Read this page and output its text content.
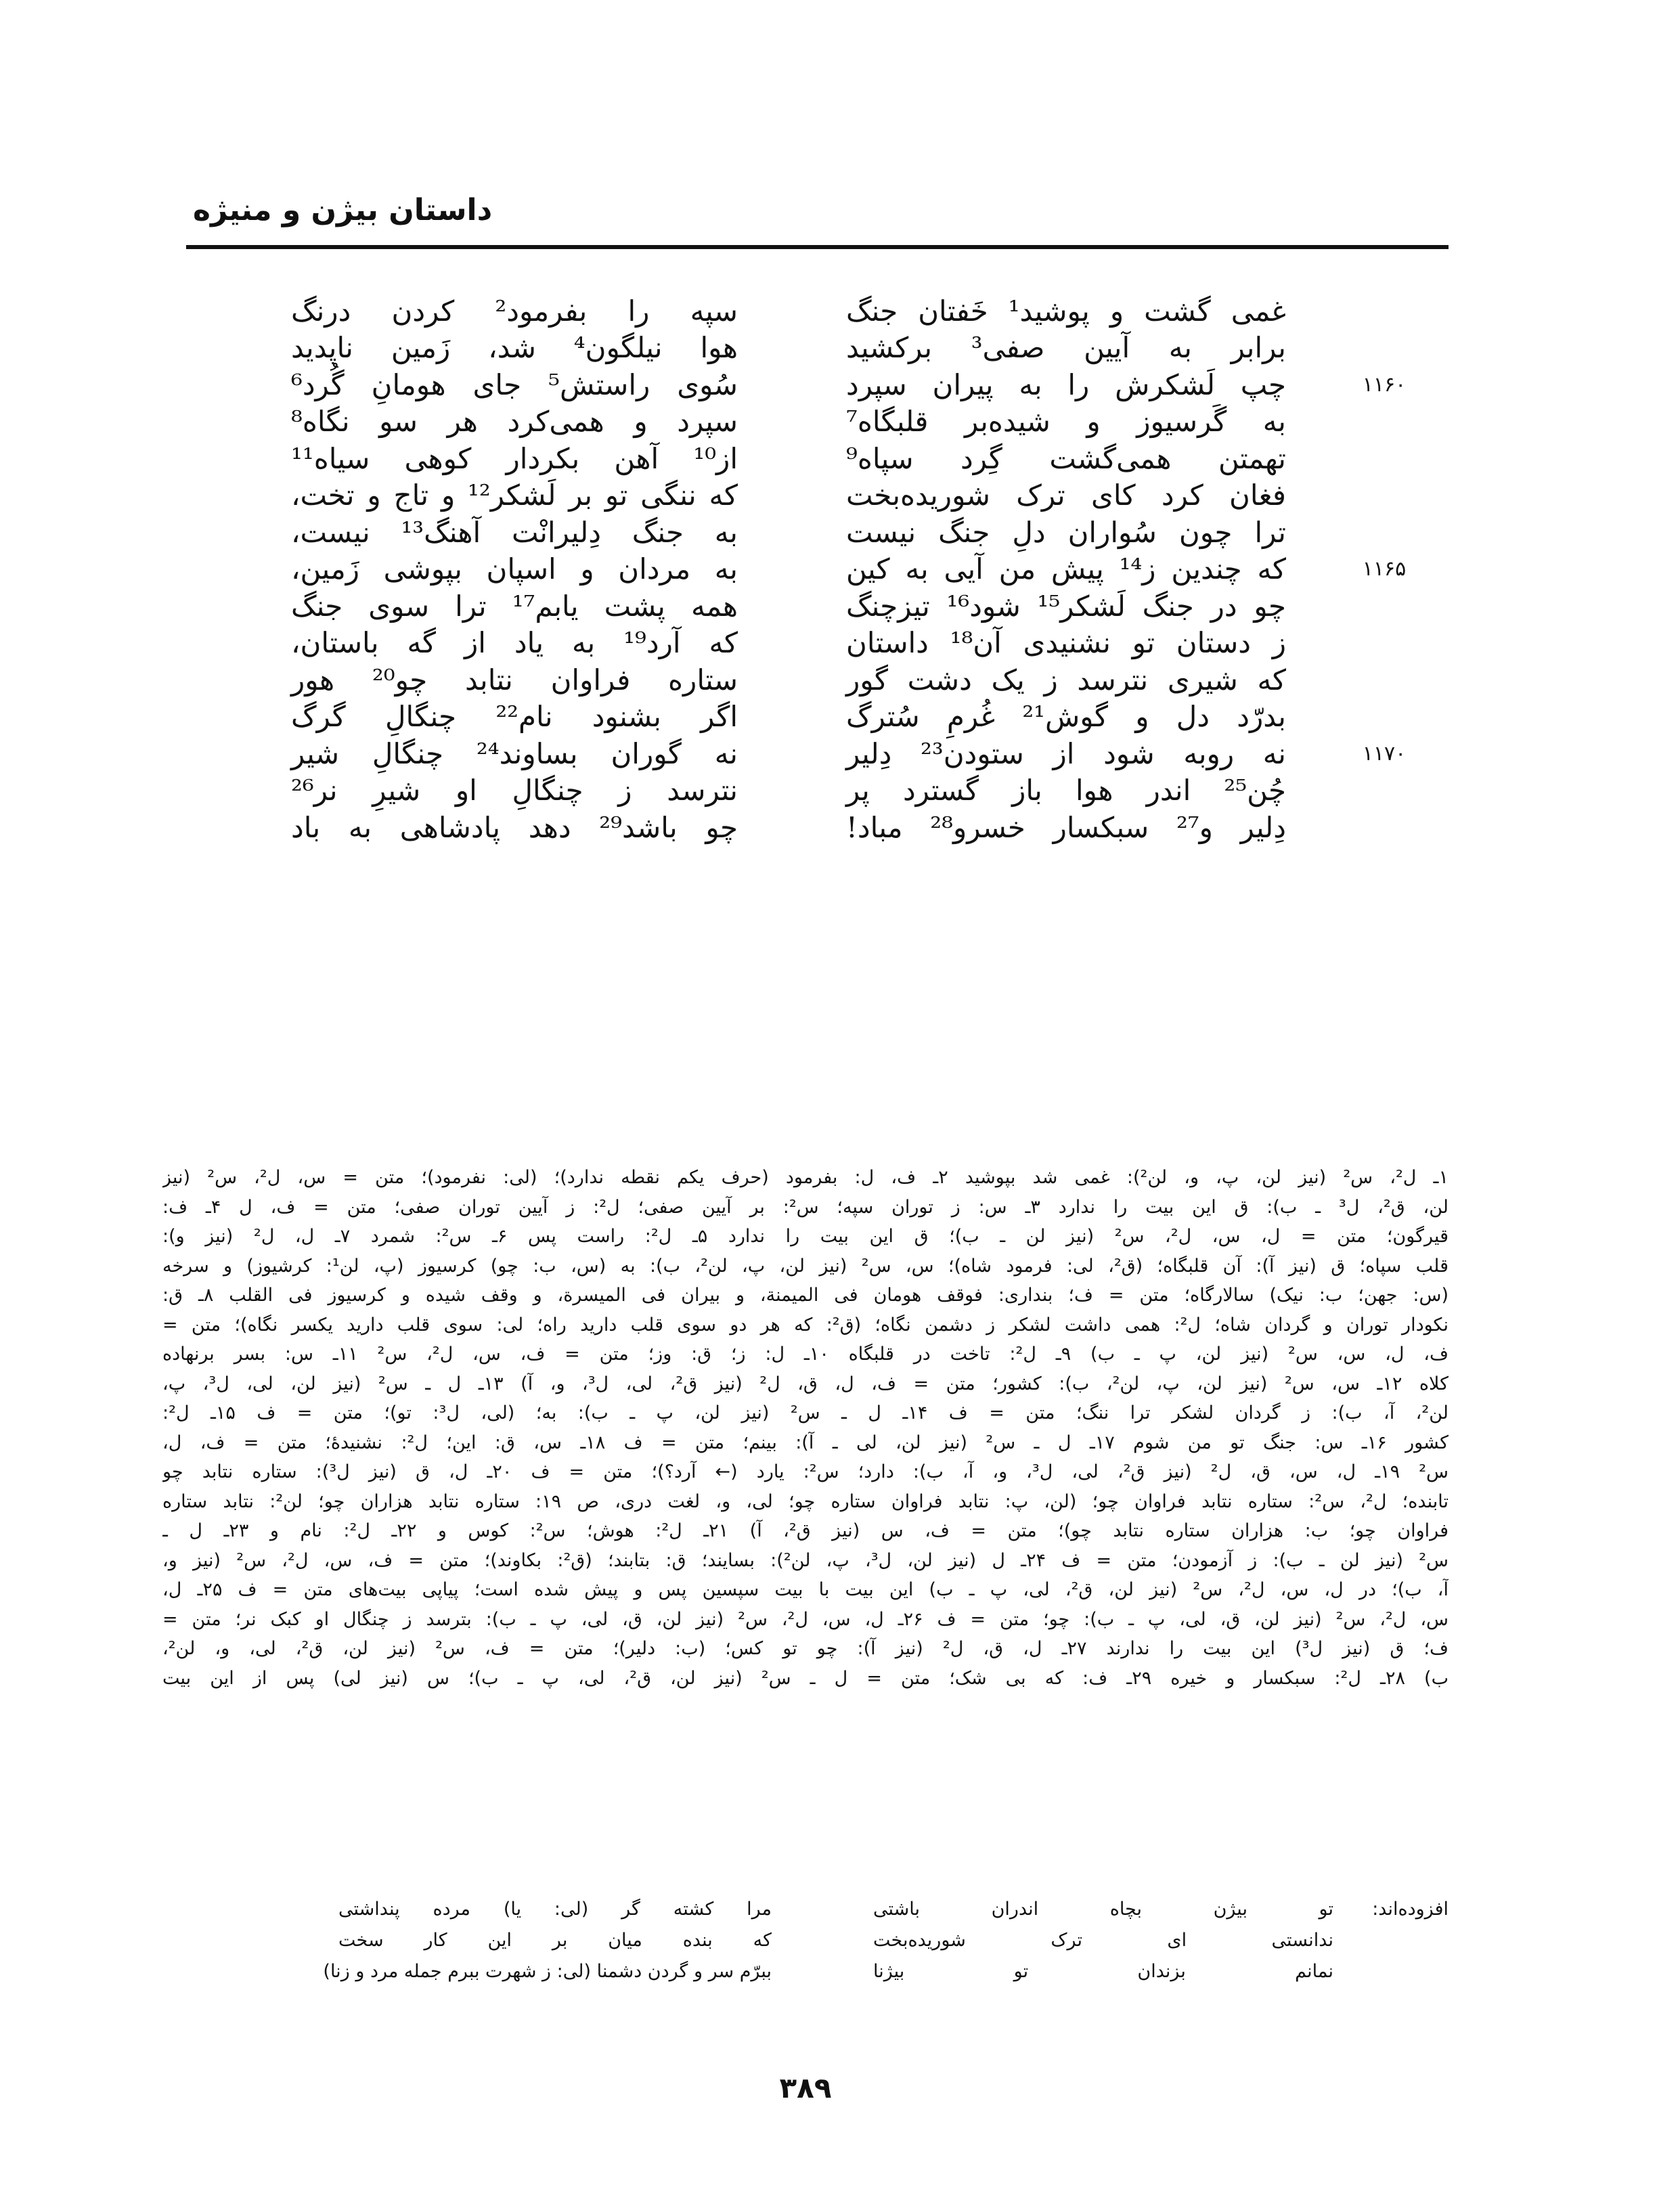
داستان بیژن و منیژه
غمی گشت و پوشید¹ خَفتان جنگ
سپه را بفرمود² کردن درنگ
برابر به آیین صفی³ برکشید
هوا نیلگون⁴ شد، زَمین ناپدید
۱۱۶۰
چپ لَشکرش را به پیران سپرد
سُوی راستش⁵ جای هومانِ گُرد⁶
به گَرسیوز و شیده‌بر قلبگاه⁷
سپرد و همی‌کرد هر سو نگاه⁸
تهمتن همی‌گشت گِرد سپاه⁹
از¹⁰ آهن بکردار کوهی سیاه¹¹
فغان کرد کای ترک شوریده‌بخت
که ننگی تو بر لَشکر¹² و تاج و تخت،
ترا چون سُواران دلِ جنگ نیست
به جنگ دِلیرانْت آهنگ¹³ نیست،
۱۱۶۵
که چندین ز¹⁴ پیش من آیی به کین
به مردان و اسپان بپوشی زَمین،
چو در جنگ لَشکر¹⁵ شود¹⁶ تیزچنگ
همه پشت یابم¹⁷ ترا سوی جنگ
ز دستان تو نشنیدی آن¹⁸ داستان
که آرد¹⁹ به یاد از گه باستان،
که شیری نترسد ز یک دشت گور
ستاره فراوان نتابد چو²⁰ هور
بدرّد دل و گوش²¹ غُرمِ سُترگ
اگر بشنود نام²² چنگالِ گرگ
۱۱۷۰
نه روبه شود از ستودن²³ دِلیر
نه گوران بساوند²⁴ چنگالِ شیر
چُن²⁵ اندر هوا باز گسترد پر
نترسد ز چنگالِ او شیرِ نر²⁶
دِلیر و²⁷ سبکسار خسرو²⁸ مباد!
چو باشد²⁹ دهد پادشاهی به باد
۱ـ ل²، س² (نیز لن، پ، و، لن²): غمی شد بپوشید ۲ـ ف، ل: بفرمود (حرف یکم نقطه ندارد)؛ (لی: نفرمود)؛ متن = س، ل²، س² (نیز
لن، ق²، ل³ ـ ب): ق این بیت را ندارد ۳ـ س: ز توران سپه؛ س²: بر آیین صفی؛ ل²: ز آیین توران صفی؛ متن = ف، ل ۴ـ ف:
قیرگون؛ متن = ل، س، ل²، س² (نیز لن ـ ب)؛ ق این بیت را ندارد ۵ـ ل²: راست پس ۶ـ س²: شمرد ۷ـ ل، ل² (نیز و):
قلب سپاه؛ ق (نیز آ): آن قلبگاه؛ (ق²، لی: فرمود شاه)؛ س، س² (نیز لن، پ، لن²، ب): به (س، ب: چو) کرسیوز (پ، لن¹: کرشیوز) و سرخه
(س: جهن؛ ب: نیک) سالارگاه؛ متن = ف؛ بنداری: فوقف هومان فی المیمنة، و بیران فی المیسرة، و وقف شیده و کرسیوز فی القلب ۸ـ ق:
نکودار توران و گردان شاه؛ ل²: همی داشت لشکر ز دشمن نگاه؛ (ق²: که هر دو سوی قلب دارید راه؛ لی: سوی قلب دارید یکسر نگاه)؛ متن =
ف، ل، س، س² (نیز لن، پ ـ ب) ۹ـ ل²: تاخت در قلبگاه ۱۰ـ ل: ز؛ ق: وز؛ متن = ف، س، ل²، س² ۱۱ـ س: بسر برنهاده
کلاه ۱۲ـ س، س² (نیز لن، پ، لن²، ب): کشور؛ متن = ف، ل، ق، ل² (نیز ق²، لی، ل³، و، آ) ۱۳ـ ل ـ س² (نیز لن، لی، ل³، پ،
لن²، آ، ب): ز گردان لشکر ترا ننگ؛ متن = ف ۱۴ـ ل ـ س² (نیز لن، پ ـ ب): به؛ (لی، ل³: تو)؛ متن = ف ۱۵ـ ل²:
کشور ۱۶ـ س: جنگ تو من شوم ۱۷ـ ل ـ س² (نیز لن، لی ـ آ): بینم؛ متن = ف ۱۸ـ س، ق: این؛ ل²: نشنیدهٔ؛ متن = ف، ل،
س² ۱۹ـ ل، س، ق، ل² (نیز ق²، لی، ل³، و، آ، ب): دارد؛ س²: یارد (← آرد؟)؛ متن = ف ۲۰ـ ل، ق (نیز ل³): ستاره نتابد چو
تابنده؛ ل²، س²: ستاره نتابد فراوان چو؛ (لن، پ: نتابد فراوان ستاره چو؛ لی، و، لغت دری، ص ۱۹: ستاره نتابد هزاران چو؛ لن²: نتابد ستاره
فراوان چو؛ ب: هزاران ستاره نتابد چو)؛ متن = ف، س (نیز ق²، آ) ۲۱ـ ل²: هوش؛ س²: کوس و ۲۲ـ ل²: نام و ۲۳ـ ل ـ
س² (نیز لن ـ ب): ز آزمودن؛ متن = ف ۲۴ـ ل (نیز لن، ل³، پ، لن²): بسایند؛ ق: بتابند؛ (ق²: بکاوند)؛ متن = ف، س، ل²، س² (نیز و،
آ، ب)؛ در ل، س، ل²، س² (نیز لن، ق²، لی، پ ـ ب) این بیت با بیت سپسین پس و پیش شده است؛ پیاپی بیت‌های متن = ف ۲۵ـ ل،
س، ل²، س² (نیز لن، ق، لی، پ ـ ب): چو؛ متن = ف ۲۶ـ ل، س، ل²، س² (نیز لن، ق، لی، پ ـ ب): بترسد ز چنگال او کبک نر؛ متن =
ف؛ ق (نیز ل³) این بیت را ندارند ۲۷ـ ل، ق، ل² (نیز آ): چو تو کس؛ (ب: دلیر)؛ متن = ف، س² (نیز لن، ق²، لی، و، لن²،
ب) ۲۸ـ ل²: سبکسار و خیره ۲۹ـ ف: که بی شک؛ متن = ل ـ س² (نیز لن، ق²، لی، پ ـ ب)؛ س (نیز لی) پس از این بیت
افزوده‌اند:
تو بیژن بچاه اندران باشتی
مرا کشته گر (لی: یا) مرده پنداشتی
ندانستی ای ترک شوریده‌بخت
که بنده میان بر این کار سخت
نمانم بزندان تو بیژنا
ببرّم سر و گردن دشمنا (لی: ز شهرت ببرم جمله مرد و زنا)
۳۸۹
